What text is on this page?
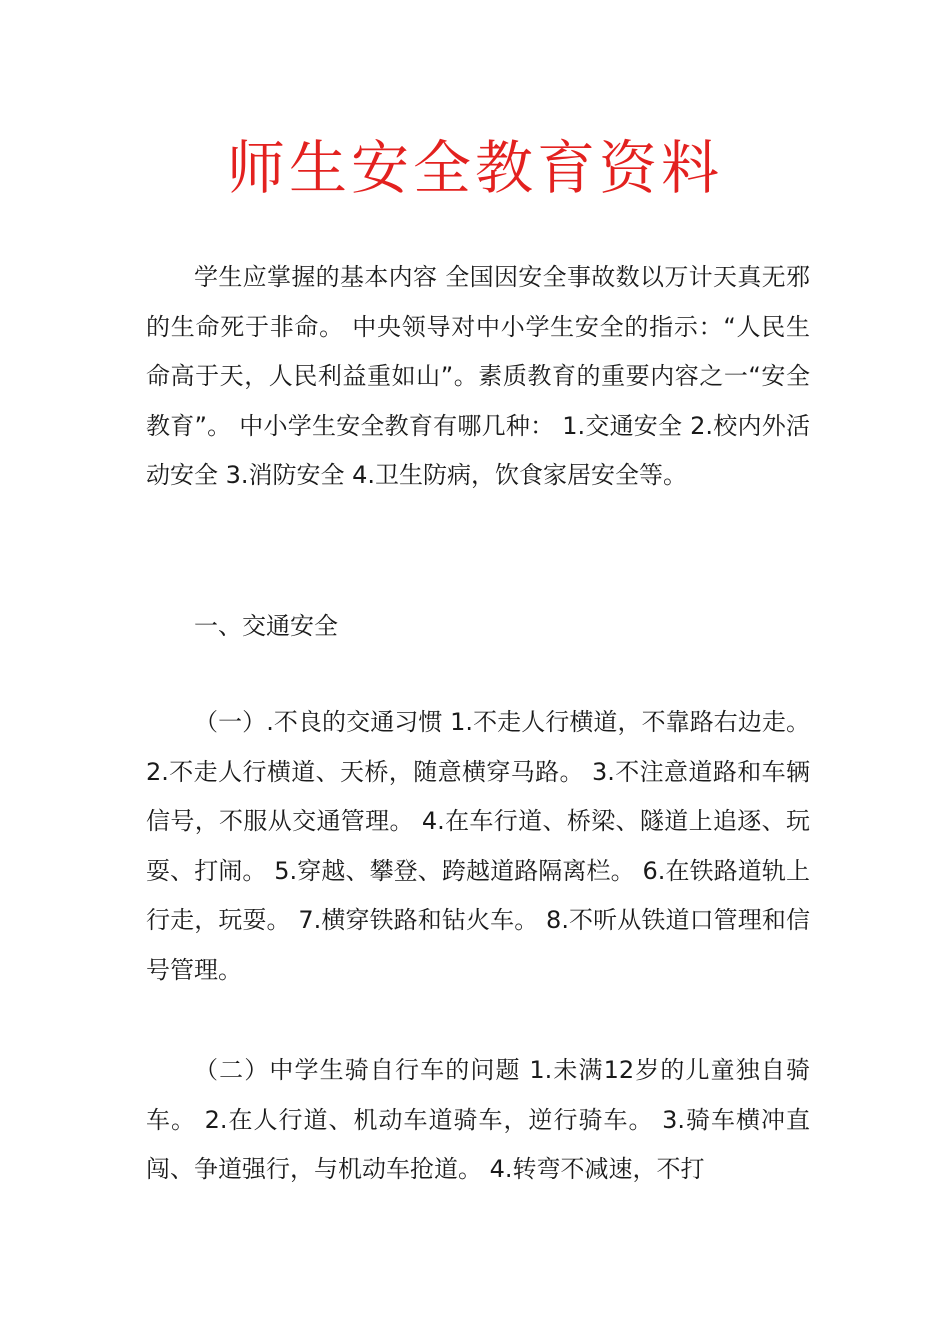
师生安全教育资料

学生应掌握的基本内容 全国因安全事故数以万计天真无邪的生命死于非命。 中央领导对中小学生安全的指示：“人民生命高于天，人民利益重如山”。素质教育的重要内容之一“安全教育”。 中小学生安全教育有哪几种： 1.交通安全 2.校内外活动安全 3.消防安全 4.卫生防病，饮食家居安全等。

一、交通安全

（一）.不良的交通习惯 1.不走人行横道，不靠路右边走。 2.不走人行横道、天桥，随意横穿马路。 3.不注意道路和车辆信号，不服从交通管理。 4.在车行道、桥梁、隧道上追逐、玩耍、打闹。 5.穿越、攀登、跨越道路隔离栏。 6.在铁路道轨上行走，玩耍。 7.横穿铁路和钻火车。 8.不听从铁道口管理和信号管理。

（二）中学生骑自行车的问题 1.未满12岁的儿童独自骑车。 2.在人行道、机动车道骑车，逆行骑车。 3.骑车横冲直闯、争道强行，与机动车抢道。 4.转弯不减速，不打
